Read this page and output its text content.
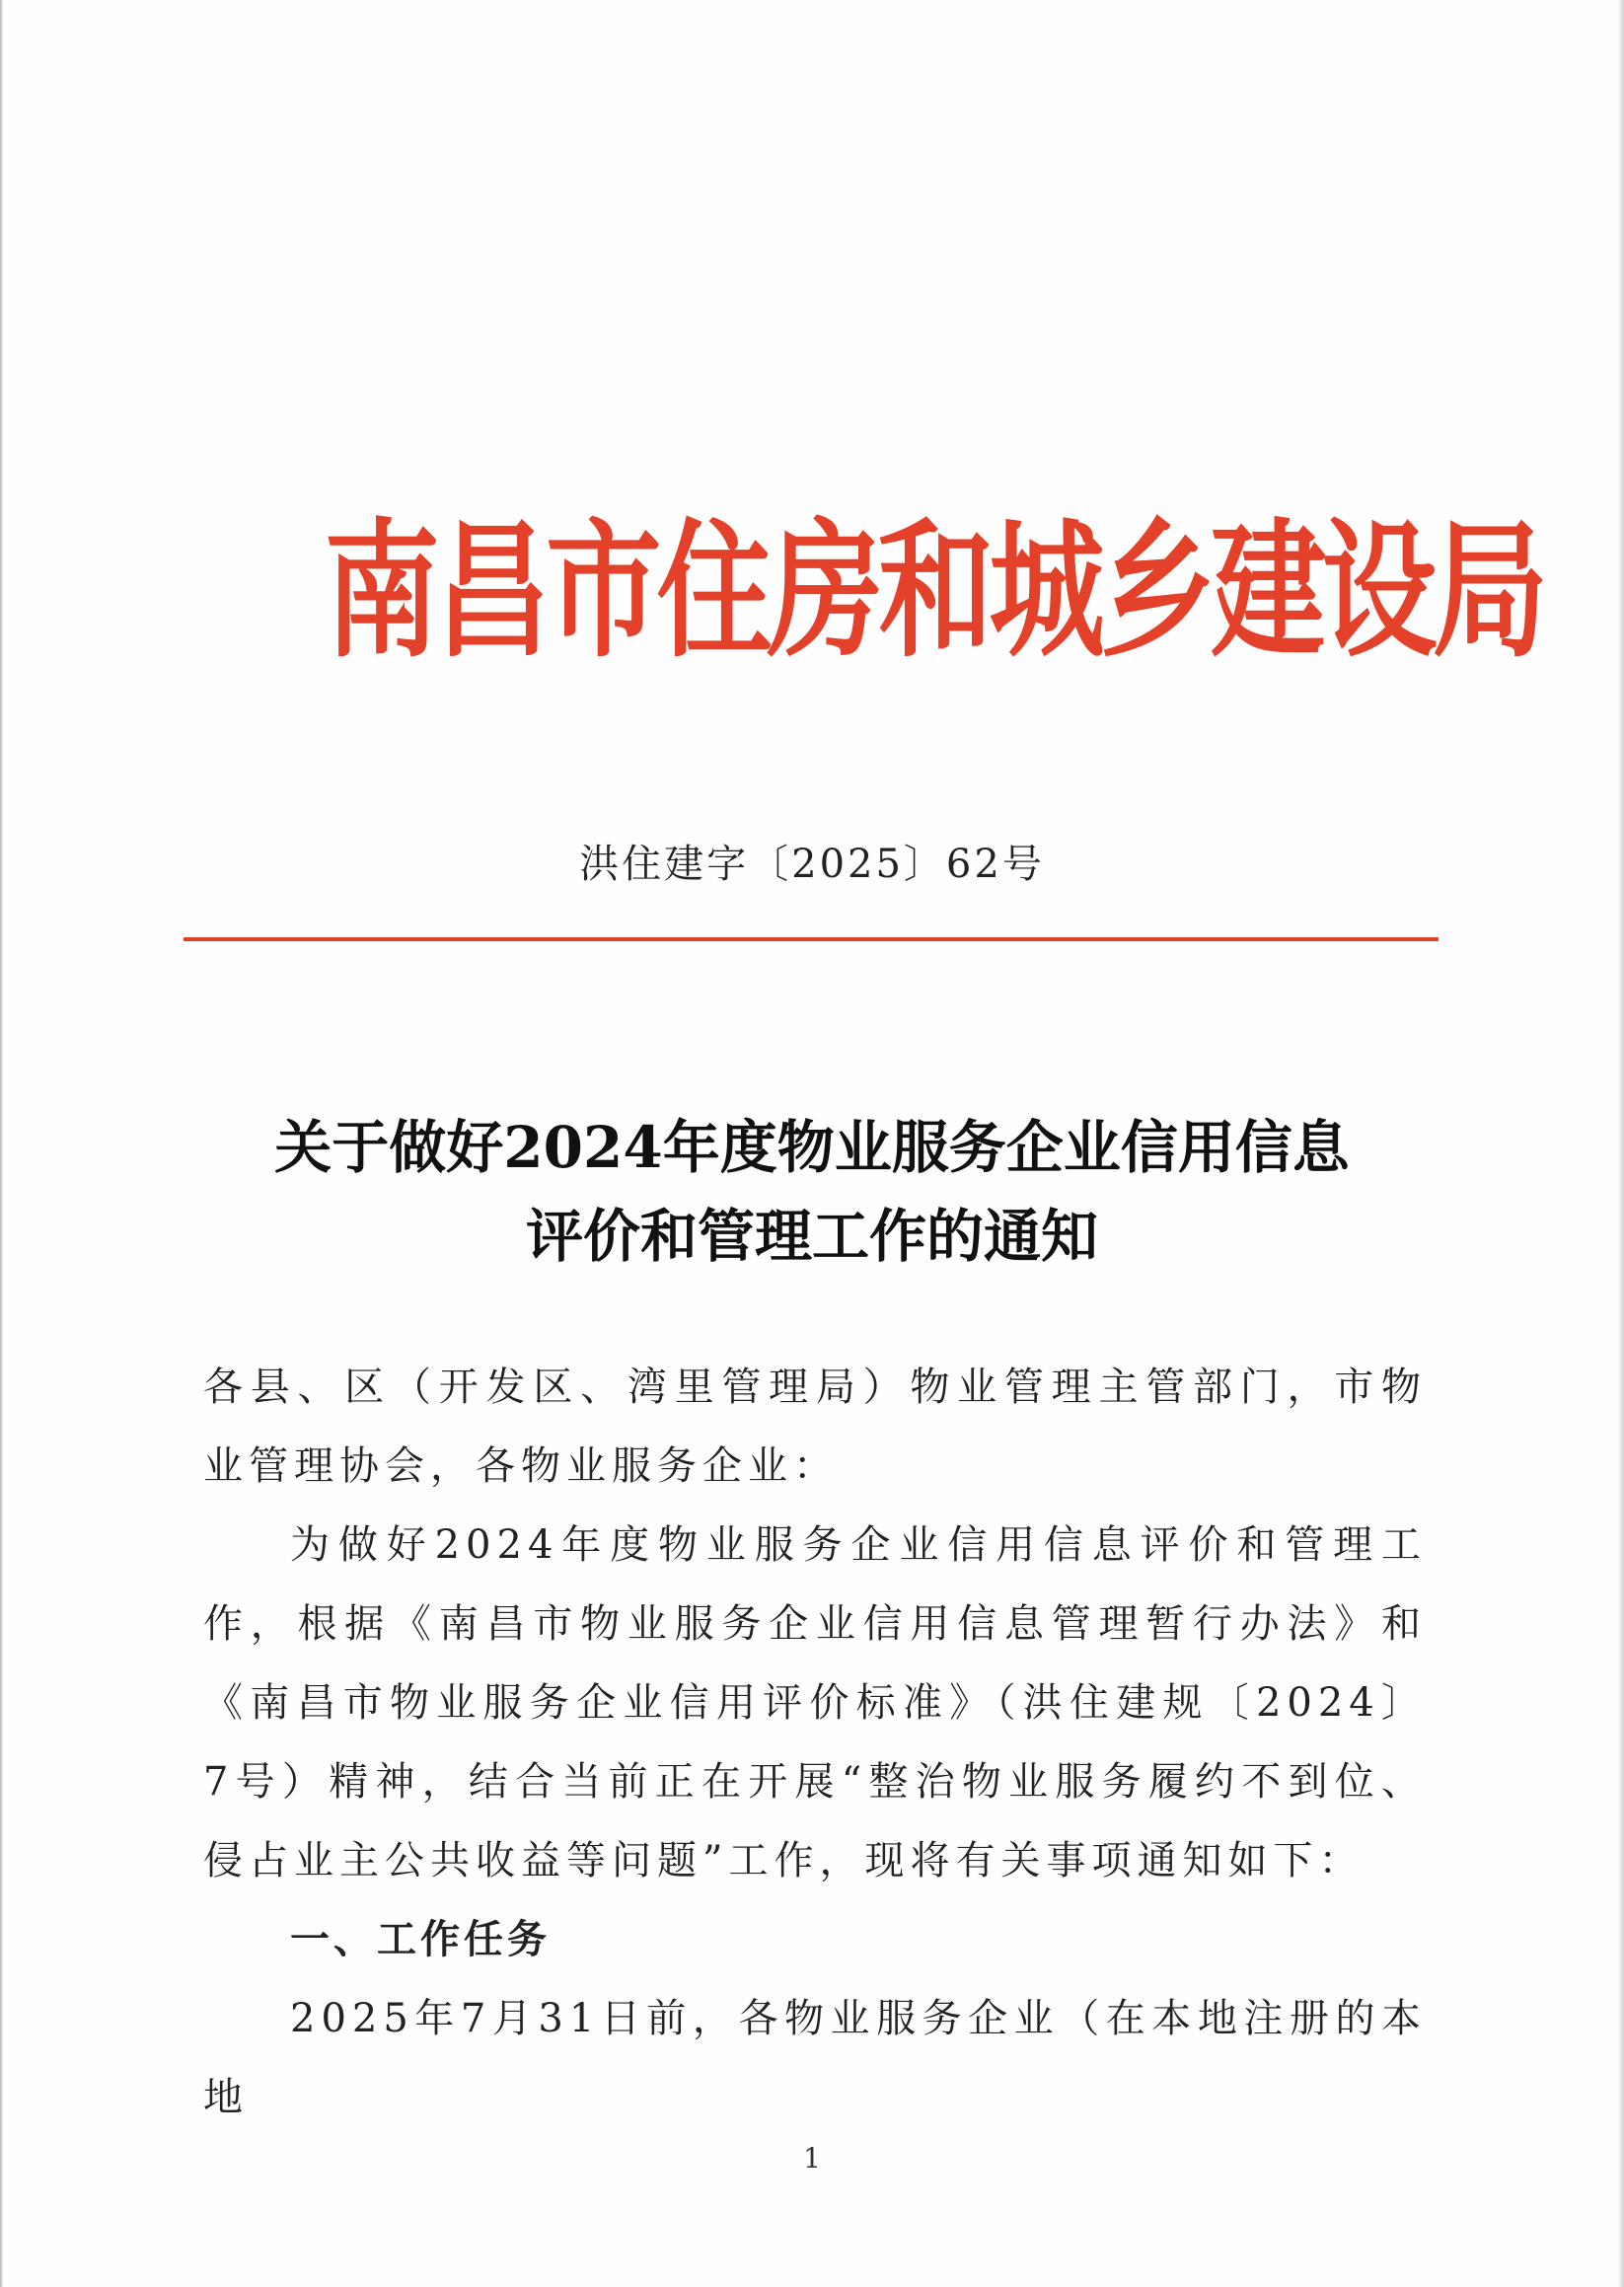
南昌市住房和城乡建设局
洪住建字〔2025〕62号
关于做好2024年度物业服务企业信用信息
评价和管理工作的通知

各县、区（开发区、湾里管理局）物业管理主管部门，市物业管理协会，各物业服务企业：

为做好2024年度物业服务企业信用信息评价和管理工作，根据《南昌市物业服务企业信用信息管理暂行办法》和《南昌市物业服务企业信用评价标准》（洪住建规〔2024〕7号）精神，结合当前正在开展“整治物业服务履约不到位、侵占业主公共收益等问题”工作，现将有关事项通知如下：

一、工作任务

2025年7月31日前，各物业服务企业（在本地注册的本地

1
